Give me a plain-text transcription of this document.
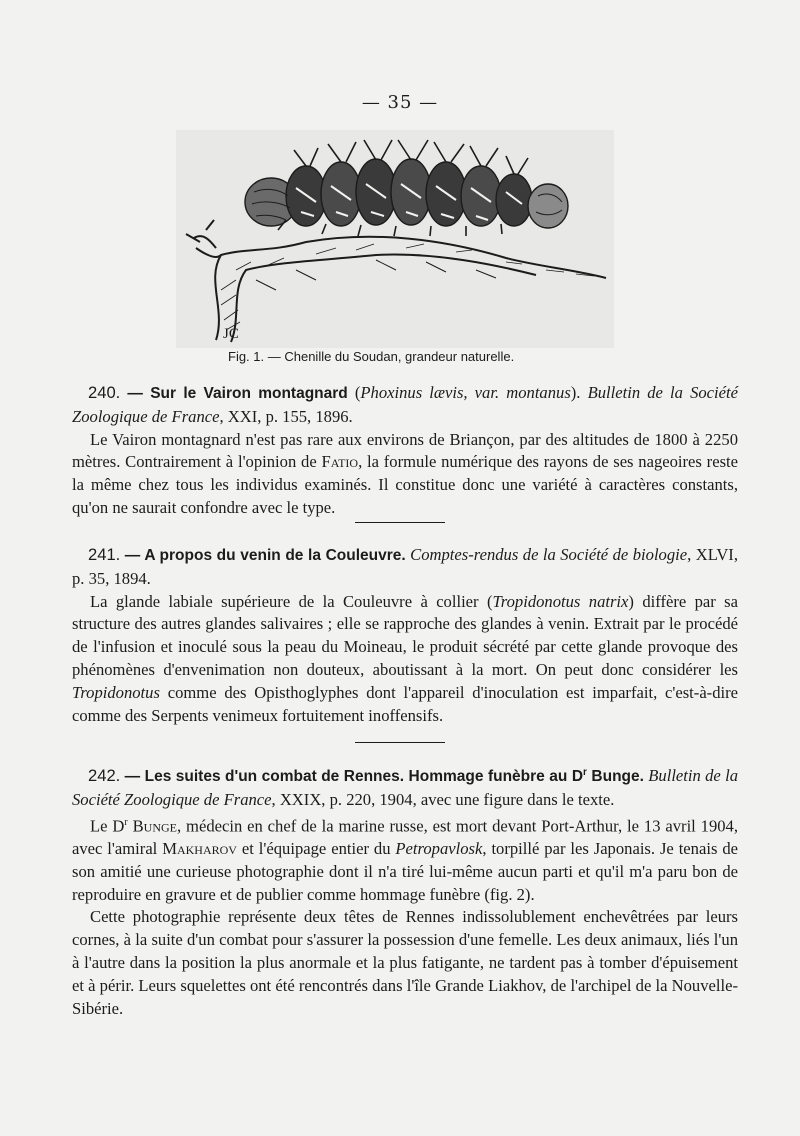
— 35 —
JC
Fig. 1. — Chenille du Soudan, grandeur naturelle.

240. — Sur le Vairon montagnard (Phoxinus lævis, var. montanus). Bulletin de la Société Zoologique de France, XXI, p. 155, 1896.

Le Vairon montagnard n'est pas rare aux environs de Briançon, par des altitudes de 1800 à 2250 mètres. Contrairement à l'opinion de Fatio, la formule numérique des rayons de ses nageoires reste la même chez tous les individus examinés. Il constitue donc une variété à caractères constants, qu'on ne saurait confondre avec le type.

241. — A propos du venin de la Couleuvre. Comptes-rendus de la Société de biologie, XLVI, p. 35, 1894.

La glande labiale supérieure de la Couleuvre à collier (Tropidonotus natrix) diffère par sa structure des autres glandes salivaires ; elle se rapproche des glandes à venin. Extrait par le procédé de l'infusion et inoculé sous la peau du Moineau, le produit sécrété par cette glande provoque des phénomènes d'envenimation non douteux, aboutissant à la mort. On peut donc considérer les Tropidonotus comme des Opisthoglyphes dont l'appareil d'inoculation est imparfait, c'est-à-dire comme des Serpents venimeux fortuitement inoffensifs.

242. — Les suites d'un combat de Rennes. Hommage funèbre au $D^r$ Bunge. Bulletin de la Société Zoologique de France, XXIX, p. 220, 1904, avec une figure dans le texte.

Le $D^r$ Bunge, médecin en chef de la marine russe, est mort devant Port-Arthur, le 13 avril 1904, avec l'amiral Makharov et l'équipage entier du Petropavlosk, torpillé par les Japonais. Je tenais de son amitié une curieuse photographie dont il n'a tiré lui-même aucun parti et qu'il m'a paru bon de reproduire en gravure et de publier comme hommage funèbre (fig. 2).

Cette photographie représente deux têtes de Rennes indissolublement enchevêtrées par leurs cornes, à la suite d'un combat pour s'assurer la possession d'une femelle. Les deux animaux, liés l'un à l'autre dans la position la plus anormale et la plus fatigante, ne tardent pas à tomber d'épuisement et à périr. Leurs squelettes ont été rencontrés dans l'île Grande Liakhov, de l'archipel de la Nouvelle-Sibérie.
